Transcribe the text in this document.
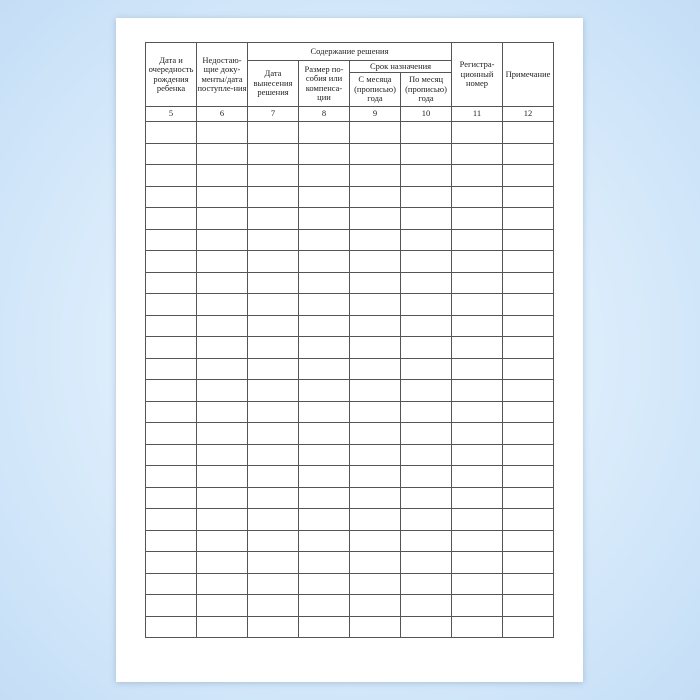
Дата и очередность рождения ребенка	Недостаю-щие доку-менты/дата поступле-ния	Содержание решения				Регистра-ционный номер	Примечание
		Дата вынесения решения	Размер по-собия или компенса-ции	Срок назначения			
				С месяца (прописью) года	По месяц (прописью) года		
5	6	7	8	9	10	11	12
